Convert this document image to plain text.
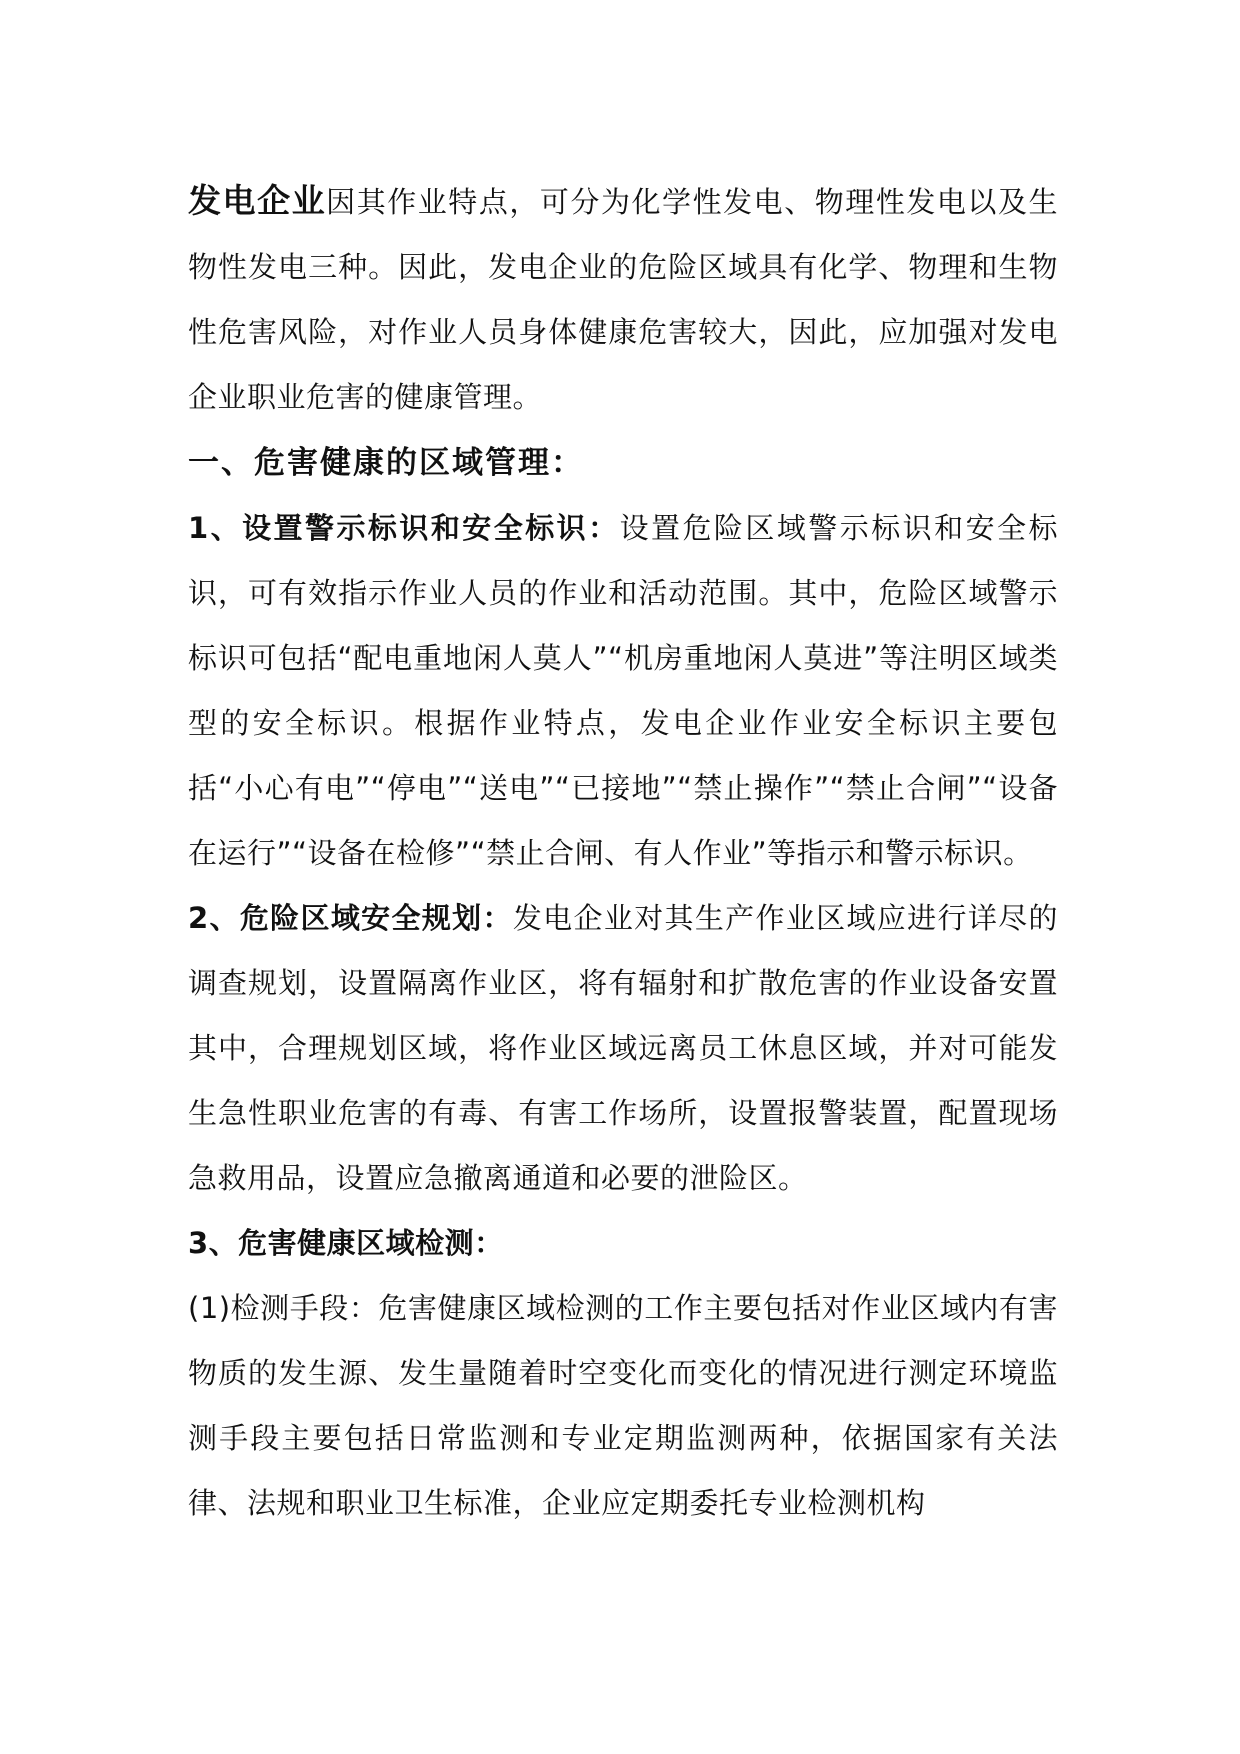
发电企业因其作业特点，可分为化学性发电、物理性发电以及生物性发电三种。因此，发电企业的危险区域具有化学、物理和生物性危害风险，对作业人员身体健康危害较大，因此，应加强对发电企业职业危害的健康管理。

一、危害健康的区域管理：

1、设置警示标识和安全标识：设置危险区域警示标识和安全标识，可有效指示作业人员的作业和活动范围。其中，危险区域警示标识可包括“配电重地闲人莫人”“机房重地闲人莫进”等注明区域类型的安全标识。根据作业特点，发电企业作业安全标识主要包括“小心有电”“停电”“送电”“已接地”“禁止操作”“禁止合闸”“设备在运行”“设备在检修”“禁止合闸、有人作业”等指示和警示标识。

2、危险区域安全规划：发电企业对其生产作业区域应进行详尽的调查规划，设置隔离作业区，将有辐射和扩散危害的作业设备安置其中，合理规划区域，将作业区域远离员工休息区域，并对可能发生急性职业危害的有毒、有害工作场所，设置报警装置，配置现场急救用品，设置应急撤离通道和必要的泄险区。

3、危害健康区域检测：

(1)检测手段：危害健康区域检测的工作主要包括对作业区域内有害物质的发生源、发生量随着时空变化而变化的情况进行测定环境监测手段主要包括日常监测和专业定期监测两种，依据国家有关法律、法规和职业卫生标准，企业应定期委托专业检测机构
